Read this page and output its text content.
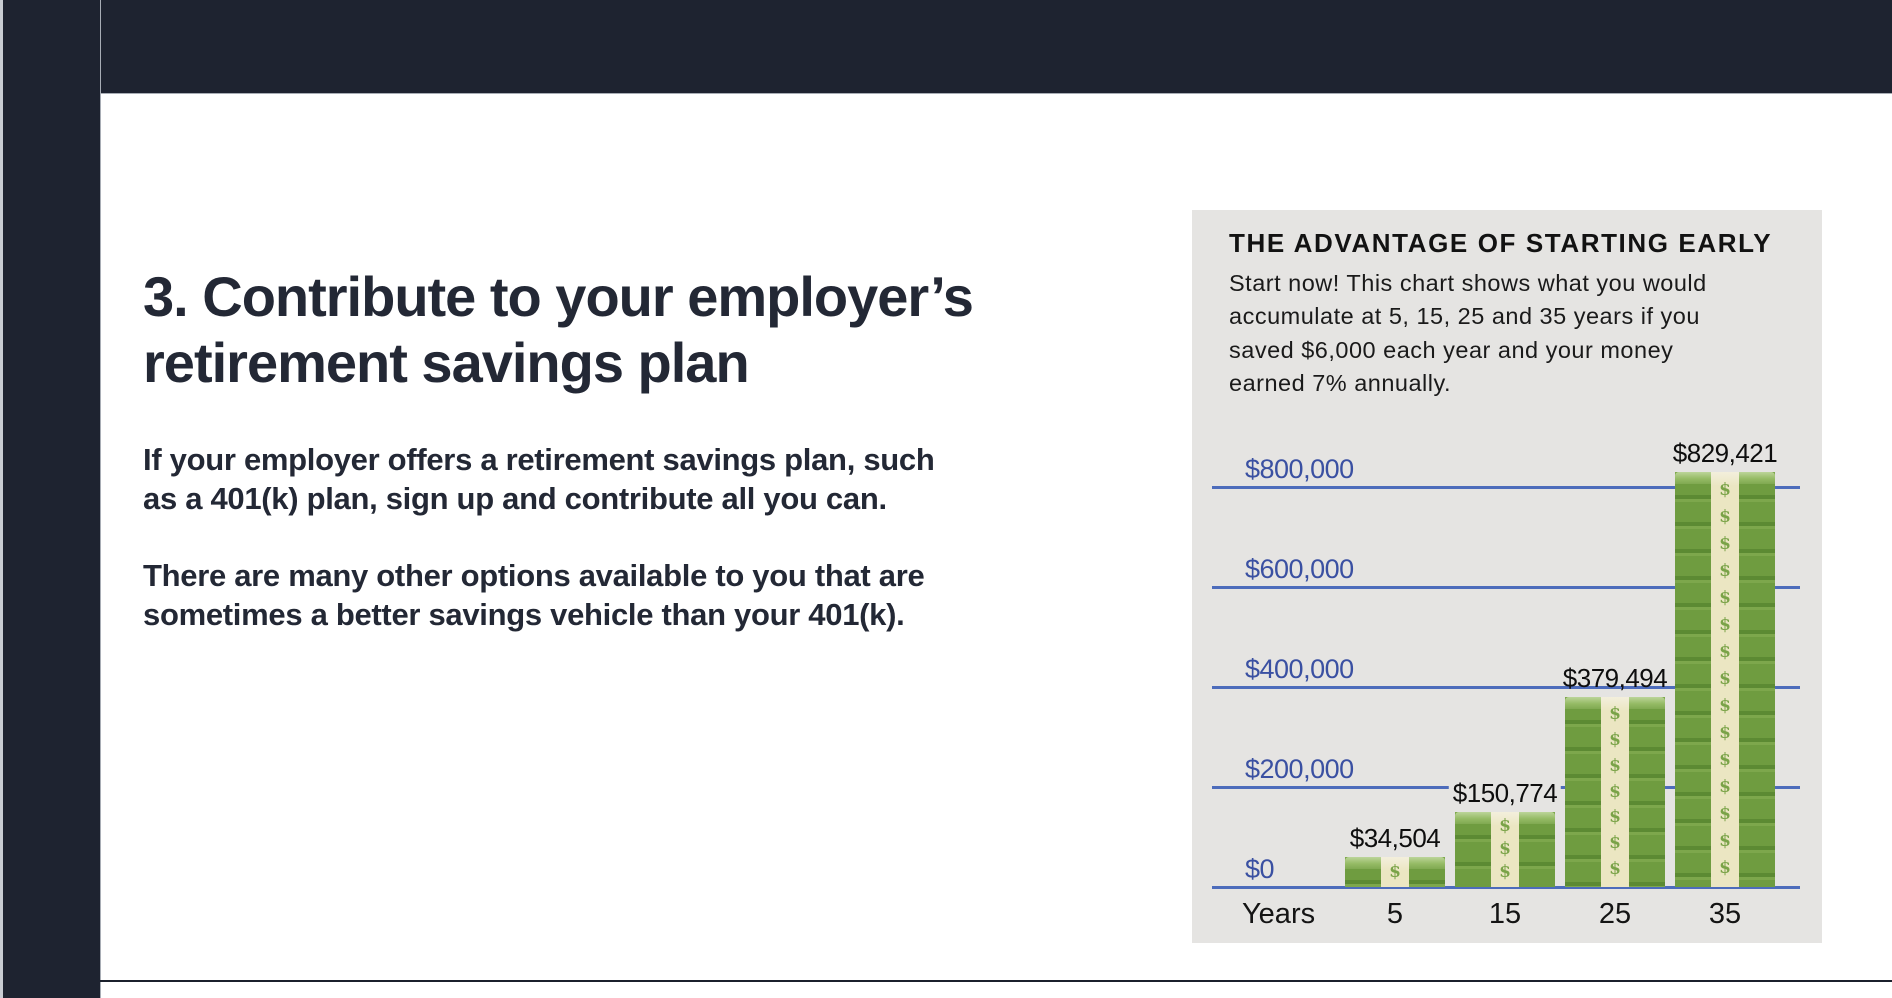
3. Contribute to your employer’s
retirement savings plan
If your employer offers a retirement savings plan, such
as a 401(k) plan, sign up and contribute all you can.
There are many other options available to you that are
sometimes a better savings vehicle than your 401(k).
THE ADVANTAGE OF STARTING EARLY
Start now! This chart shows what you would
accumulate at 5, 15, 25 and 35 years if you
saved $6,000 each year and your money
earned 7% annually.
$0
$200,000
$400,000
$600,000
$800,000
$
$34,504
5
$
$
$
$150,774
15
$
$
$
$
$
$
$
$379,494
25
$
$
$
$
$
$
$
$
$
$
$
$
$
$
$
$829,421
35
Years
